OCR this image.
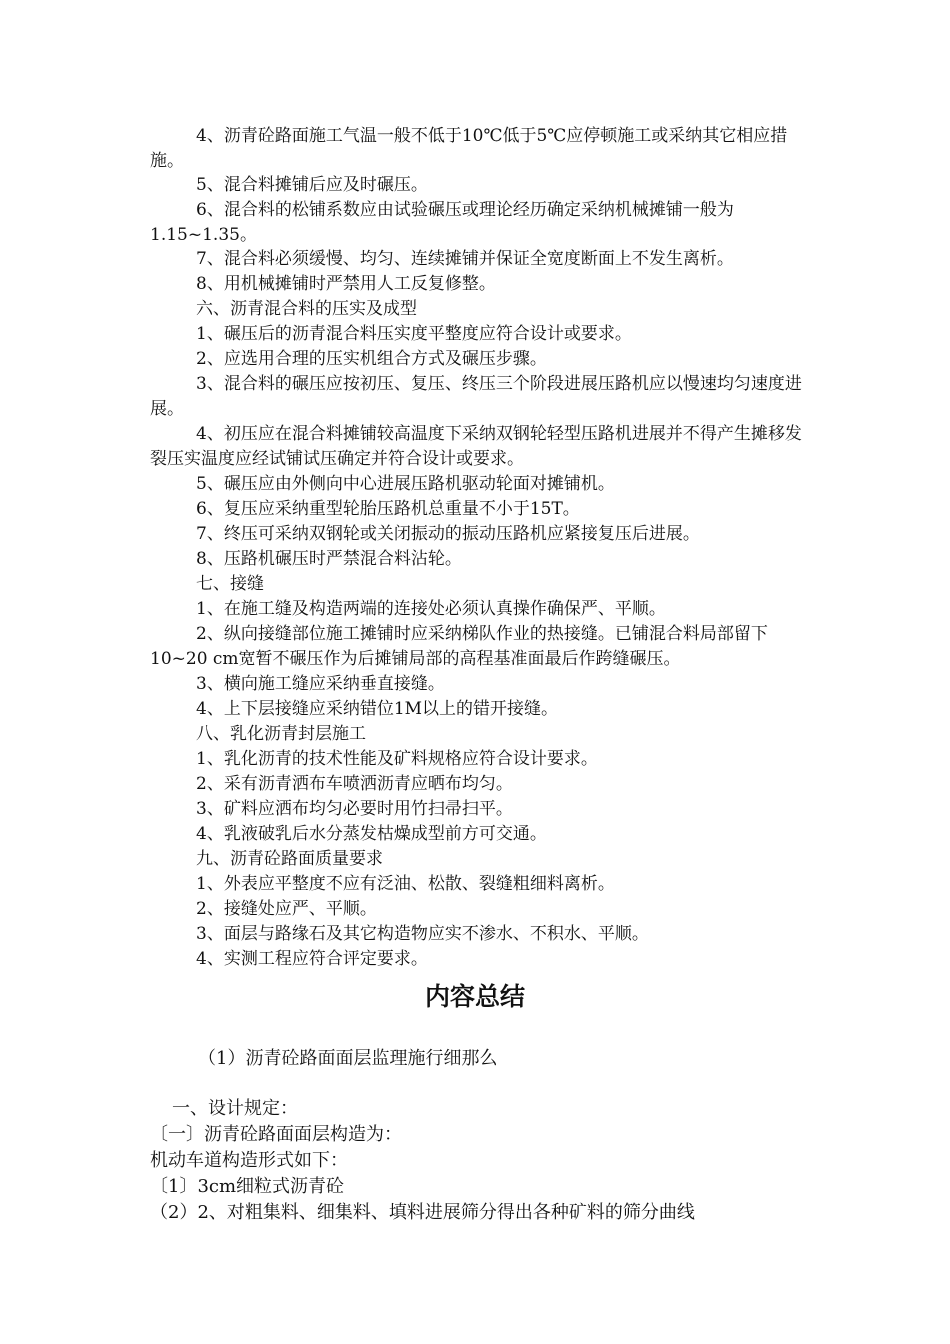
4、沥青砼路面施工气温一般不低于10℃低于5℃应停顿施工或采纳其它相应措施。

5、混合料摊铺后应及时碾压。

6、混合料的松铺系数应由试验碾压或理论经历确定采纳机械摊铺一般为1.15~1.35。

7、混合料必须缓慢、均匀、连续摊铺并保证全宽度断面上不发生离析。

8、用机械摊铺时严禁用人工反复修整。

六、沥青混合料的压实及成型

1、碾压后的沥青混合料压实度平整度应符合设计或要求。

2、应选用合理的压实机组合方式及碾压步骤。

3、混合料的碾压应按初压、复压、终压三个阶段进展压路机应以慢速均匀速度进展。

4、初压应在混合料摊铺较高温度下采纳双钢轮轻型压路机进展并不得产生摊移发裂压实温度应经试铺试压确定并符合设计或要求。

5、碾压应由外侧向中心进展压路机驱动轮面对摊铺机。

6、复压应采纳重型轮胎压路机总重量不小于15T。

7、终压可采纳双钢轮或关闭振动的振动压路机应紧接复压后进展。

8、压路机碾压时严禁混合料沾轮。

七、接缝

1、在施工缝及构造两端的连接处必须认真操作确保严、平顺。

2、纵向接缝部位施工摊铺时应采纳梯队作业的热接缝。已铺混合料局部留下10~20 cm宽暂不碾压作为后摊铺局部的高程基准面最后作跨缝碾压。

3、横向施工缝应采纳垂直接缝。

4、上下层接缝应采纳错位1M以上的错开接缝。

八、乳化沥青封层施工

1、乳化沥青的技术性能及矿料规格应符合设计要求。

2、采有沥青洒布车喷洒沥青应晒布均匀。

3、矿料应洒布均匀必要时用竹扫帚扫平。

4、乳液破乳后水分蒸发枯燥成型前方可交通。

九、沥青砼路面质量要求

1、外表应平整度不应有泛油、松散、裂缝粗细料离析。

2、接缝处应严、平顺。

3、面层与路缘石及其它构造物应实不渗水、不积水、平顺。

4、实测工程应符合评定要求。

内容总结

（1）沥青砼路面面层监理施行细那么

一、设计规定：

〔一〕沥青砼路面面层构造为：

机动车道构造形式如下：

〔1〕3cm细粒式沥青砼

（2）2、对粗集料、细集料、填料进展筛分得出各种矿料的筛分曲线
